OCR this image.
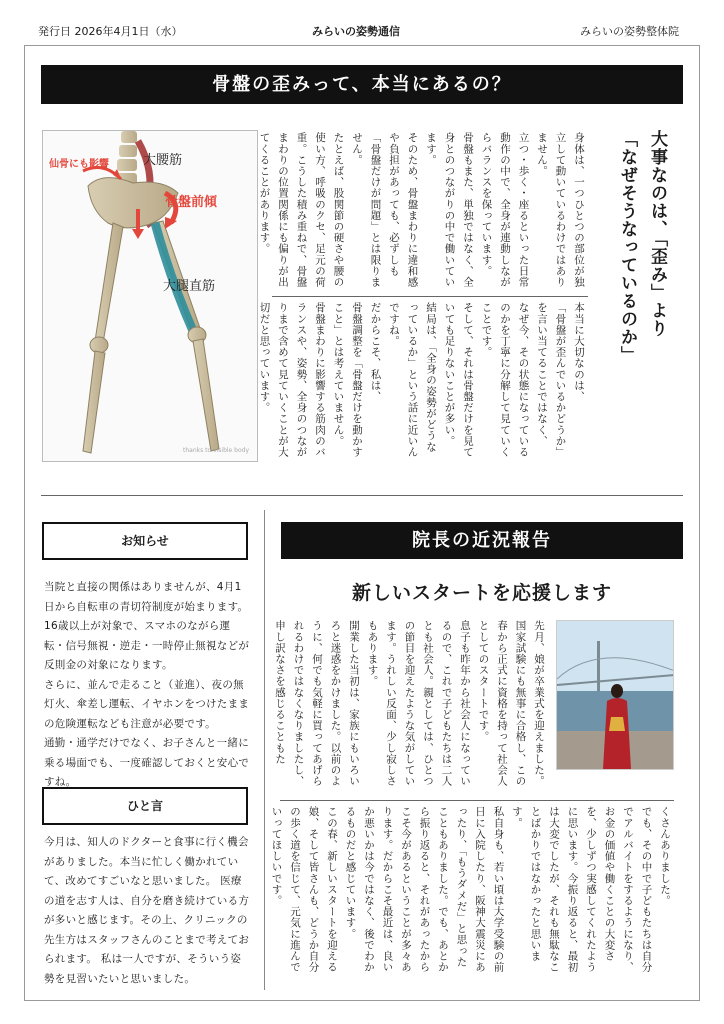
発行日 2026年4月1日（水）	みらいの姿勢通信	みらいの姿勢整体院
骨盤の歪みって、本当にあるの？
仙骨にも影響	大腰筋
骨盤前傾
大腿直筋
thanks to visible body
身体は、一つひとつの部位が独立して動いているわけではありません。
立つ・歩く・座るといった日常動作の中で、全身が連動しながらバランスを保っています。
骨盤もまた、単独ではなく、全身とのつながりの中で働いています。
そのため、骨盤まわりに違和感や負担があっても、必ずしも「骨盤だけが問題」とは限りません。
たとえば、股関節の硬さや腰の使い方、呼吸のクセ、足元の荷重。こうした積み重ねで、骨盤まわりの位置関係にも偏りが出てくることがあります。
本当に大切なのは、
「骨盤が歪んでいるかどうか」を言い当てることではなく、
なぜ今、その状態になっているのかを丁寧に分解して見ていくことです。
そして、それは骨盤だけを見ていても足りないことが多い。
結局は、「全身の姿勢がどうなっているか」という話に近いんですね。
だからこそ、私は、
骨盤調整を「骨盤だけを動かすこと」とは考えていません。
骨盤まわりに影響する筋肉のバランスや、姿勢、全身のつながりまで含めて見ていくことが大切だと思っています。
大事なのは、「歪み」より
「なぜそうなっているのか」
お知らせ

当院と直接の関係はありませんが、4月1日から自転車の青切符制度が始まります。

16歳以上が対象で、スマホのながら運転・信号無視・逆走・一時停止無視などが反則金の対象になります。

さらに、並んで走ること（並進）、夜の無灯火、傘差し運転、イヤホンをつけたままの危険運転なども注意が必要です。

通勤・通学だけでなく、お子さんと一緒に乗る場面でも、一度確認しておくと安心ですね。

ひと言

今月は、知人のドクターと食事に行く機会がありました。本当に忙しく働かれていて、改めてすごいなと思いました。 医療の道を志す人は、自分を磨き続けている方が多いと感じます。その上、クリニックの先生方はスタッフさんのことまで考えておられます。 私は一人ですが、そういう姿勢を見習いたいと思いました。

院長の近況報告
新しいスタートを応援します
先月、娘が卒業式を迎えました。国家試験にも無事に合格し、この春から正式に資格を持って社会人としてのスタートです。
息子も昨年から社会人になっているので、これで子どもたちは二人とも社会人。親としては、ひとつの節目を迎えたような気がしています。うれしい反面、少し寂しさもあります。
開業した当初は、家族にもいろいろと迷惑をかけました。以前のように、何でも気軽に買ってあげられるわけではなくなりましたし、申し訳なさを感じることもた
くさんありました。
でも、その中で子どもたちは自分でアルバイトをするようになり、お金の価値や働くことの大変さを、少しずつ実感してくれたように思います。今振り返ると、最初は大変でしたが、それも無駄なことばかりではなかったと思います。
私自身も、若い頃は大学受験の前日に入院したり、阪神大震災にあったり、「もうダメだ」と思ったこともありました。でも、あとから振り返ると、それがあったからこそ今があるということが多々あります。だからこそ最近は、良いか悪いかは今ではなく、後でわかるものだと感じています。
この春、新しいスタートを迎える娘、そして皆さんも、どうか自分の歩く道を信じて、元気に進んでいってほしいです。
